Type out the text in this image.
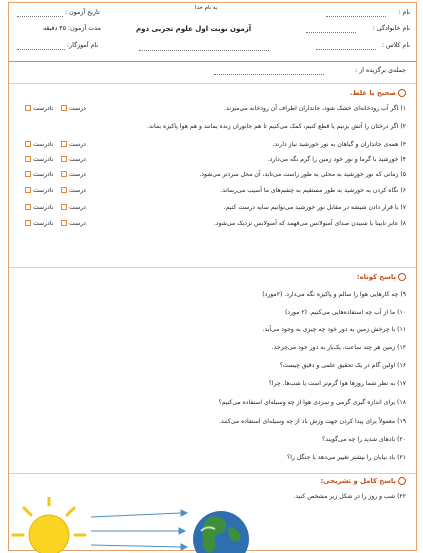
به نام خدا
نام :
نام خانوادگی :
نام کلاس :
آزمون نوبت اول علوم تجربی دوم
تاریخ آزمون :
مدت آزمون: ۴۵ دقیقه
نام آموزگار:
جمله‌ی برگزیده از :
صحیح یا غلط.
۱) اگر آب رودخانه‌ای خشک شود، جانداران اطراف آن رودخانه می‌میرند.
درست   نادرست
۲) اگر درختان را آتش بزنیم یا قطع کنیم، کمک می‌کنیم تا هم جانوران زنده بمانند و هم هوا پاکیزه بماند.
۳) همه‌ی جانداران و گیاهان به نور خورشید نیاز دارند.
درست   نادرست
۴) خورشید با گرما و نور خود زمین را گرم نگه می‌دارد.
درست   نادرست
۵) زمانی که نور خورشید به محلی به طور راست می‌تابد، آن محل سرد‌تر می‌شود.
درست   نادرست
۶) نگاه کردن به خورشید به طور مستقیم به چشم‌های ما آسیب می‌رساند.
درست   نادرست
۷) با قرار دادن شیشه در مقابل نور خورشید می‌توانیم سایه درست کنیم.
درست   نادرست
۸) عابر نابینا با شنیدن صدای آمبولانس می‌فهمد که آمبولانس نزدیک می‌شود.
درست   نادرست
پاسخ کوتاه:
۹) چه کارهایی هوا را سالم و پاکیزه نگه می‌دارد. (۲مورد)
۱۰) ما از آب چه استفاده‌هایی می‌کنیم. (۲ مورد)
۱۱) با چرخش زمین به دور خود چه چیزی به وجود می‌آید.
۱۲) زمین هر چند ساعت، یک‌بار به دور خود می‌چرخد.
۱۶) اولین گام در یک تحقیق علمی و دقیق چیست؟
۱۷) به نظر شما روزها هوا گرم‌تر است یا شب‌ها. چرا؟
۱۸) برای اندازه گیری گرمی و سردی هوا از چه وسیله‌ای استفاده می‌کنیم؟
۱۹) معمولاً برای پیدا کردن جهت وزش باد از چه وسیله‌ای استفاده می‌کنند.
۲۰) بادهای شدید را چه می‌گویند؟
۲۱) باد بیابان را بیشتر تغییر می‌دهد یا جنگل را؟
پاسخ کامل و تشریحی:
۲۲) شب و روز را در شکل زیر مشخص کنید.
